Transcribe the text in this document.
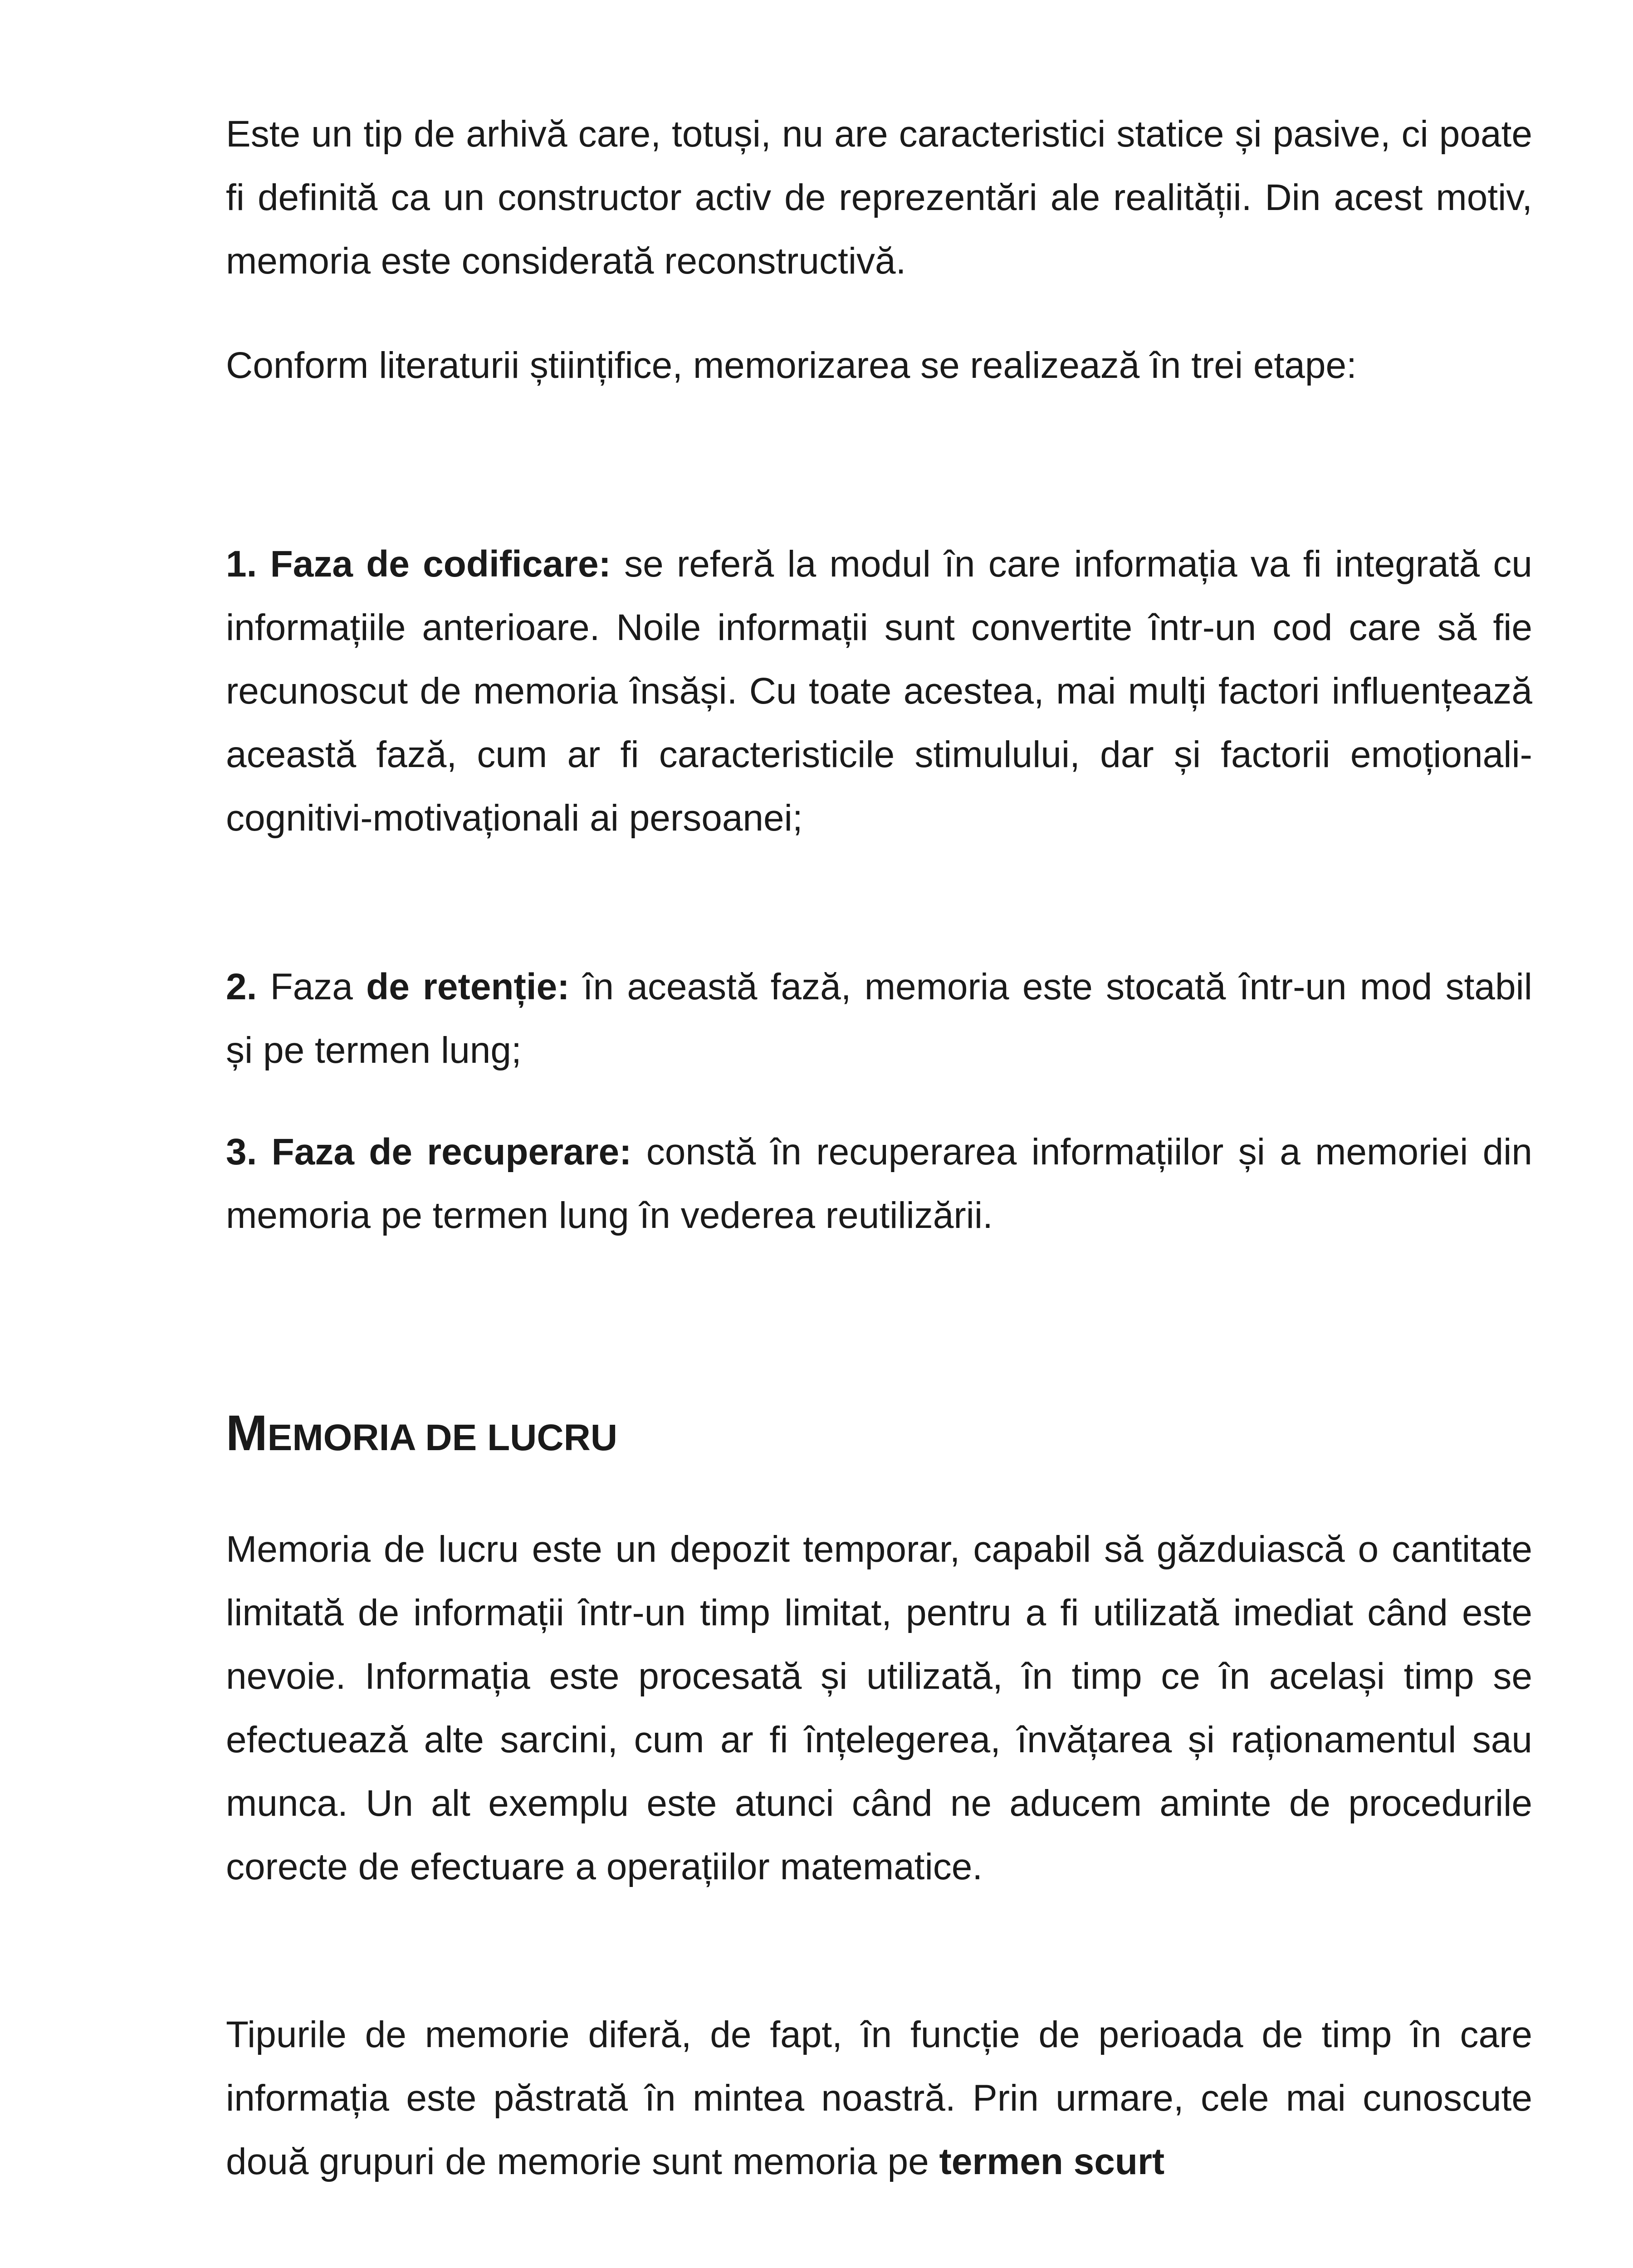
Este un tip de arhivă care, totuși, nu are caracteristici statice și pasive, ci poate fi definită ca un constructor activ de reprezentări ale realității. Din acest motiv, memoria este considerată reconstructivă.

Conform literaturii științifice, memorizarea se realizează în trei etape:

1. Faza de codificare: se referă la modul în care informația va fi integrată cu informațiile anterioare. Noile informații sunt convertite într-un cod care să fie recunoscut de memoria însăși. Cu toate acestea, mai mulți factori influențează această fază, cum ar fi caracteristicile stimulului, dar și factorii emoționali-cognitivi-motivaționali ai persoanei;

2. Faza de retenție: în această fază, memoria este stocată într-un mod stabil și pe termen lung;

3. Faza de recuperare: constă în recuperarea informațiilor și a memoriei din memoria pe termen lung în vederea reutilizării.

MEMORIA DE LUCRU

Memoria de lucru este un depozit temporar, capabil să găzduiască o cantitate limitată de informații într-un timp limitat, pentru a fi utilizată imediat când este nevoie. Informația este procesată și utilizată, în timp ce în același timp se efectuează alte sarcini, cum ar fi înțelegerea, învățarea și raționamentul sau munca. Un alt exemplu este atunci când ne aducem aminte de procedurile corecte de efectuare a operațiilor matematice.

Tipurile de memorie diferă, de fapt, în funcție de perioada de timp în care informația este păstrată în mintea noastră. Prin urmare, cele mai cunoscute două grupuri de memorie sunt memoria pe termen scurt
